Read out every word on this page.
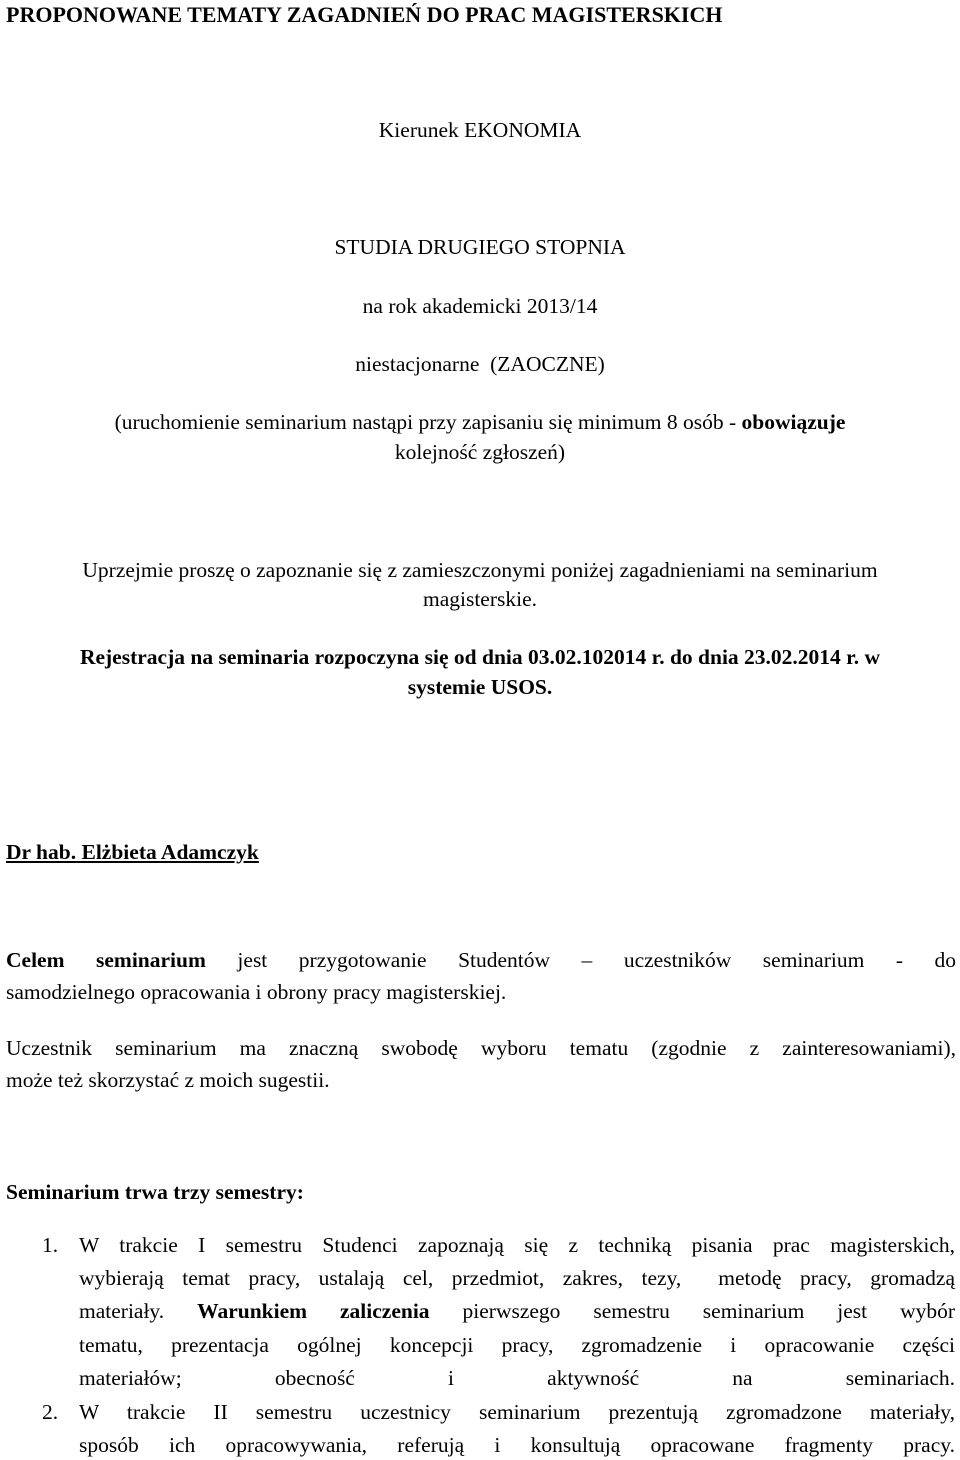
PROPONOWANE TEMATY ZAGADNIEŃ DO PRAC MAGISTERSKICH
Kierunek EKONOMIA
STUDIA DRUGIEGO STOPNIA
na rok akademicki 2013/14
niestacjonarne  (ZAOCZNE)
(uruchomienie seminarium nastąpi przy zapisaniu się minimum 8 osób - obowiązuje
kolejność zgłoszeń)
Uprzejmie proszę o zapoznanie się z zamieszczonymi poniżej zagadnieniami na seminarium
magisterskie.
Rejestracja na seminaria rozpoczyna się od dnia 03.02.102014 r. do dnia 23.02.2014 r. w
systemie USOS.
Dr hab. Elżbieta Adamczyk
Celem seminarium jest przygotowanie Studentów – uczestników seminarium - do
samodzielnego opracowania i obrony pracy magisterskiej.
Uczestnik seminarium ma znaczną swobodę wyboru tematu (zgodnie z zainteresowaniami),
może też skorzystać z moich sugestii.
Seminarium trwa trzy semestry:
1. W trakcie I semestru Studenci zapoznają się z techniką pisania prac magisterskich,
wybierają temat pracy, ustalają cel, przedmiot, zakres, tezy,  metodę pracy, gromadzą
materiały. Warunkiem zaliczenia pierwszego semestru seminarium jest wybór
tematu, prezentacja ogólnej koncepcji pracy, zgromadzenie i opracowanie części
materiałów; obecność i aktywność na seminariach.
2. W trakcie II semestru uczestnicy seminarium prezentują zgromadzone materiały,
sposób ich opracowywania, referują i konsultują opracowane fragmenty pracy.
